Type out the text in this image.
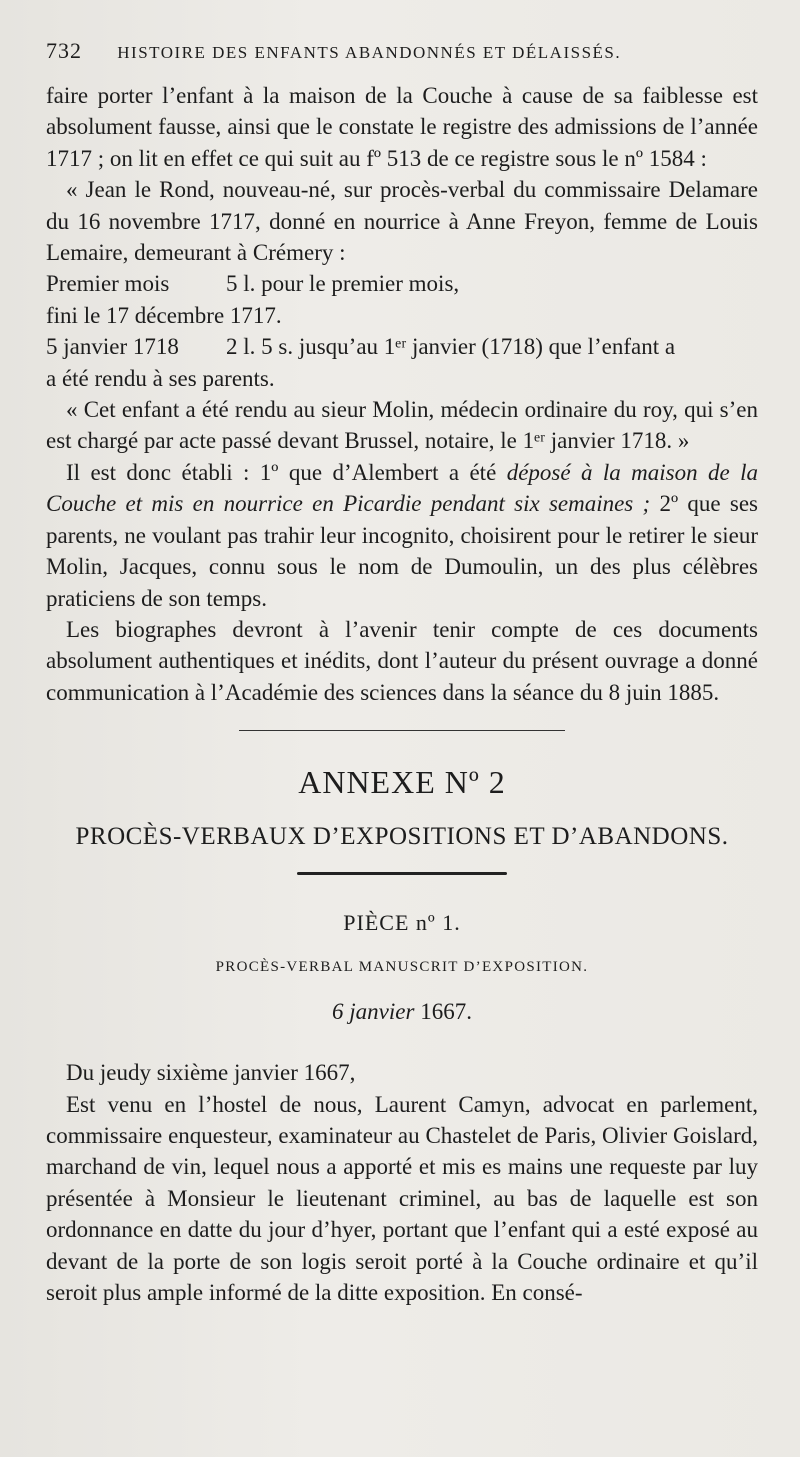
732 HISTOIRE DES ENFANTS ABANDONNÉS ET DÉLAISSÉS.

faire porter l’enfant à la maison de la Couche à cause de sa faiblesse est absolument fausse, ainsi que le constate le registre des admissions de l’année 1717 ; on lit en effet ce qui suit au fº 513 de ce registre sous le nº 1584 :

« Jean le Rond, nouveau-né, sur procès-verbal du commissaire Delamare du 16 novembre 1717, donné en nourrice à Anne Freyon, femme de Louis Lemaire, demeurant à Crémery :

Premier mois	5 l. pour le premier mois,
fini le 17 décembre 1717.
5 janvier 1718	2 l. 5 s. jusqu’au 1ᵉʳ janvier (1718) que l’enfant a
a été rendu à ses parents.

« Cet enfant a été rendu au sieur Molin, médecin ordinaire du roy, qui s’en est chargé par acte passé devant Brussel, notaire, le 1ᵉʳ janvier 1718. »

Il est donc établi : 1º que d’Alembert a été déposé à la maison de la Couche et mis en nourrice en Picardie pendant six semaines ; 2º que ses parents, ne voulant pas trahir leur incognito, choisirent pour le retirer le sieur Molin, Jacques, connu sous le nom de Dumoulin, un des plus célèbres praticiens de son temps.

Les biographes devront à l’avenir tenir compte de ces documents absolument authentiques et inédits, dont l’auteur du présent ouvrage a donné communication à l’Académie des sciences dans la séance du 8 juin 1885.

ANNEXE Nº 2
PROCÈS-VERBAUX D’EXPOSITIONS ET D’ABANDONS.
PIÈCE nº 1.
PROCÈS-VERBAL MANUSCRIT D’EXPOSITION.
6 janvier 1667.

Du jeudy sixième janvier 1667,

Est venu en l’hostel de nous, Laurent Camyn, advocat en parlement, commissaire enquesteur, examinateur au Chastelet de Paris, Olivier Goislard, marchand de vin, lequel nous a apporté et mis es mains une requeste par luy présentée à Monsieur le lieutenant criminel, au bas de laquelle est son ordonnance en datte du jour d’hyer, portant que l’enfant qui a esté exposé au devant de la porte de son logis seroit porté à la Couche ordinaire et qu’il seroit plus ample informé de la ditte exposition. En consé-
